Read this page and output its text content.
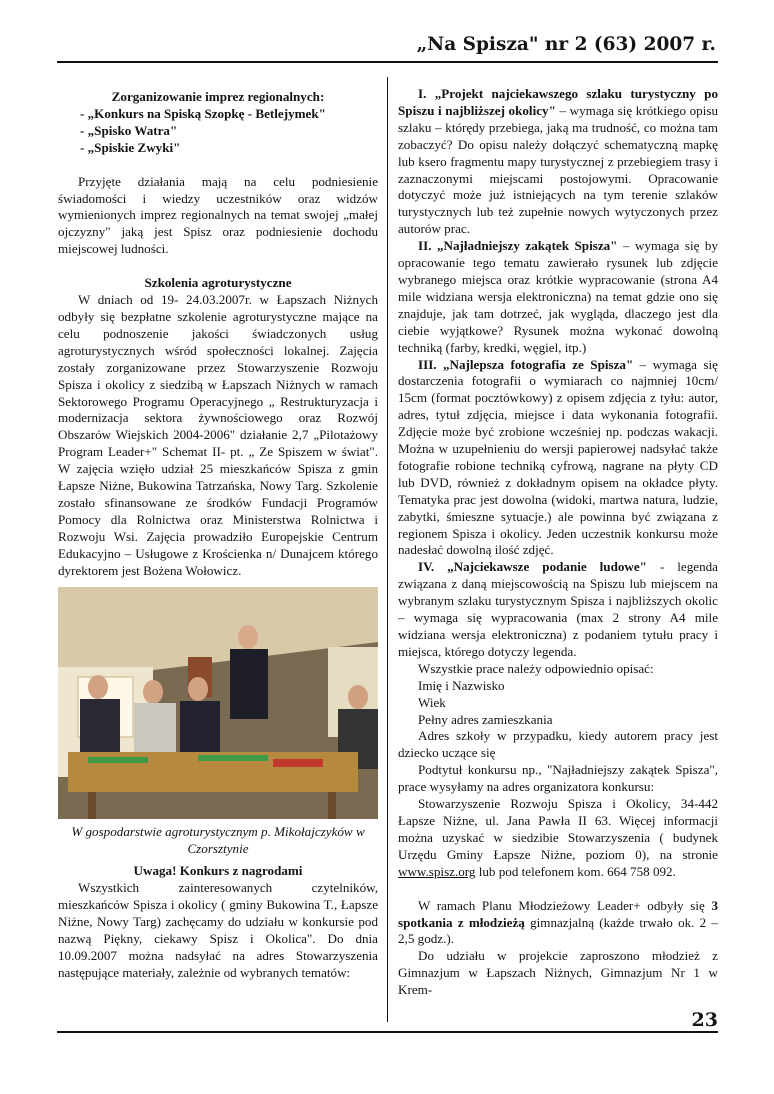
„Na Spisza" nr 2 (63) 2007 r.

Zorganizowanie imprez regionalnych:

- „Konkurs na Spiską Szopkę - Betlejymek"

- „Spisko Watra"

- „Spiskie Zwyki"

Przyjęte działania mają na celu podniesienie świadomości i wiedzy uczestników oraz widzów wymienionych imprez regionalnych na temat swojej „małej ojczyzny" jaką jest Spisz oraz podniesienie dochodu miejscowej ludności.

Szkolenia agroturystyczne

W dniach od 19- 24.03.2007r. w Łapszach Niżnych odbyły się bezpłatne szkolenie agroturystyczne mające na celu podnoszenie jakości świadczonych usług agroturystycznych wśród społeczności lokalnej. Zajęcia zostały zorganizowane przez Stowarzyszenie Rozwoju Spisza i okolicy z siedzibą w Łapszach Niżnych w ramach Sektorowego Programu Operacyjnego „ Restrukturyzacja i modernizacja sektora żywnościowego oraz Rozwój Obszarów Wiejskich 2004-2006" działanie 2,7 „Pilotażowy Program Leader+" Schemat II- pt. „ Ze Spiszem w świat". W zajęcia wzięło udział 25 mieszkańców Spisza z gmin Łapsze Niżne, Bukowina Tatrzańska, Nowy Targ. Szkolenie zostało sfinansowane ze środków Fundacji Programów Pomocy dla Rolnictwa oraz Ministerstwa Rolnictwa i Rozwoju Wsi. Zajęcia prowadziło Europejskie Centrum Edukacyjno – Usługowe z Krościenka n/ Dunajcem którego dyrektorem jest Bożena Wołowicz.

W gospodarstwie agroturystycznym p. Mikołajczyków w Czorsztynie

Uwaga! Konkurs z nagrodami

Wszystkich zainteresowanych czytelników, mieszkańców Spisza i okolicy ( gminy Bukowina T., Łapsze Niżne, Nowy Targ) zachęcamy do udziału w konkursie pod nazwą Piękny, ciekawy Spisz i Okolica". Do dnia 10.09.2007 można nadsyłać na adres Stowarzyszenia następujące materiały, zależnie od wybranych tematów:

I. „Projekt najciekawszego szlaku turystyczny po Spiszu i najbliższej okolicy" – wymaga się krótkiego opisu szlaku – którędy przebiega, jaką ma trudność, co można tam zobaczyć? Do opisu należy dołączyć schematyczną mapkę lub ksero fragmentu mapy turystycznej z przebiegiem trasy i zaznaczonymi miejscami postojowymi. Opracowanie dotyczyć może już istniejących na tym terenie szlaków turystycznych lub też zupełnie nowych wytyczonych przez autorów prac.

II. „Najładniejszy zakątek Spisza" – wymaga się by opracowanie tego tematu zawierało rysunek lub zdjęcie wybranego miejsca oraz krótkie wypracowanie (strona A4 mile widziana wersja elektroniczna) na temat gdzie ono się znajduje, jak tam dotrzeć, jak wygląda, dlaczego jest dla ciebie wyjątkowe? Rysunek można wykonać dowolną techniką (farby, kredki, węgiel, itp.)

III. „Najlepsza fotografia ze Spisza" – wymaga się dostarczenia fotografii o wymiarach co najmniej 10cm/ 15cm (format pocztówkowy) z opisem zdjęcia z tyłu: autor, adres, tytuł zdjęcia, miejsce i data wykonania fotografii. Zdjęcie może być zrobione wcześniej np. podczas wakacji. Można w uzupełnieniu do wersji papierowej nadsyłać także fotografie robione techniką cyfrową, nagrane na płyty CD lub DVD, również z dokładnym opisem na okładce płyty. Tematyka prac jest dowolna (widoki, martwa natura, ludzie, zabytki, śmieszne sytuacje.) ale powinna być związana z regionem Spisza i okolicy. Jeden uczestnik konkursu może nadesłać dowolną ilość zdjęć.

IV. „Najciekawsze podanie ludowe" - legenda związana z daną miejscowością na Spiszu lub miejscem na wybranym szlaku turystycznym Spisza i najbliższych okolic – wymaga się wypracowania (max 2 strony A4 mile widziana wersja elektroniczna) z podaniem tytułu pracy i miejsca, którego dotyczy legenda.

Wszystkie prace należy odpowiednio opisać:

Imię i Nazwisko

Wiek

Pełny adres zamieszkania

Adres szkoły w przypadku, kiedy autorem pracy jest dziecko uczące się

Podtytuł konkursu np., "Najładniejszy zakątek Spisza", prace wysyłamy na adres organizatora konkursu:

Stowarzyszenie Rozwoju Spisza i Okolicy, 34-442 Łapsze Niżne, ul. Jana Pawła II 63. Więcej informacji można uzyskać w siedzibie Stowarzyszenia ( budynek Urzędu Gminy Łapsze Niżne, poziom 0), na stronie www.spisz.org lub pod telefonem kom. 664 758 092.

W ramach Planu Młodzieżowy Leader+ odbyły się 3 spotkania z młodzieżą gimnazjalną (każde trwało ok. 2 – 2,5 godz.).

Do udziału w projekcie zaproszono młodzież z Gimnazjum w Łapszach Niżnych, Gimnazjum Nr 1 w Krem-

23
